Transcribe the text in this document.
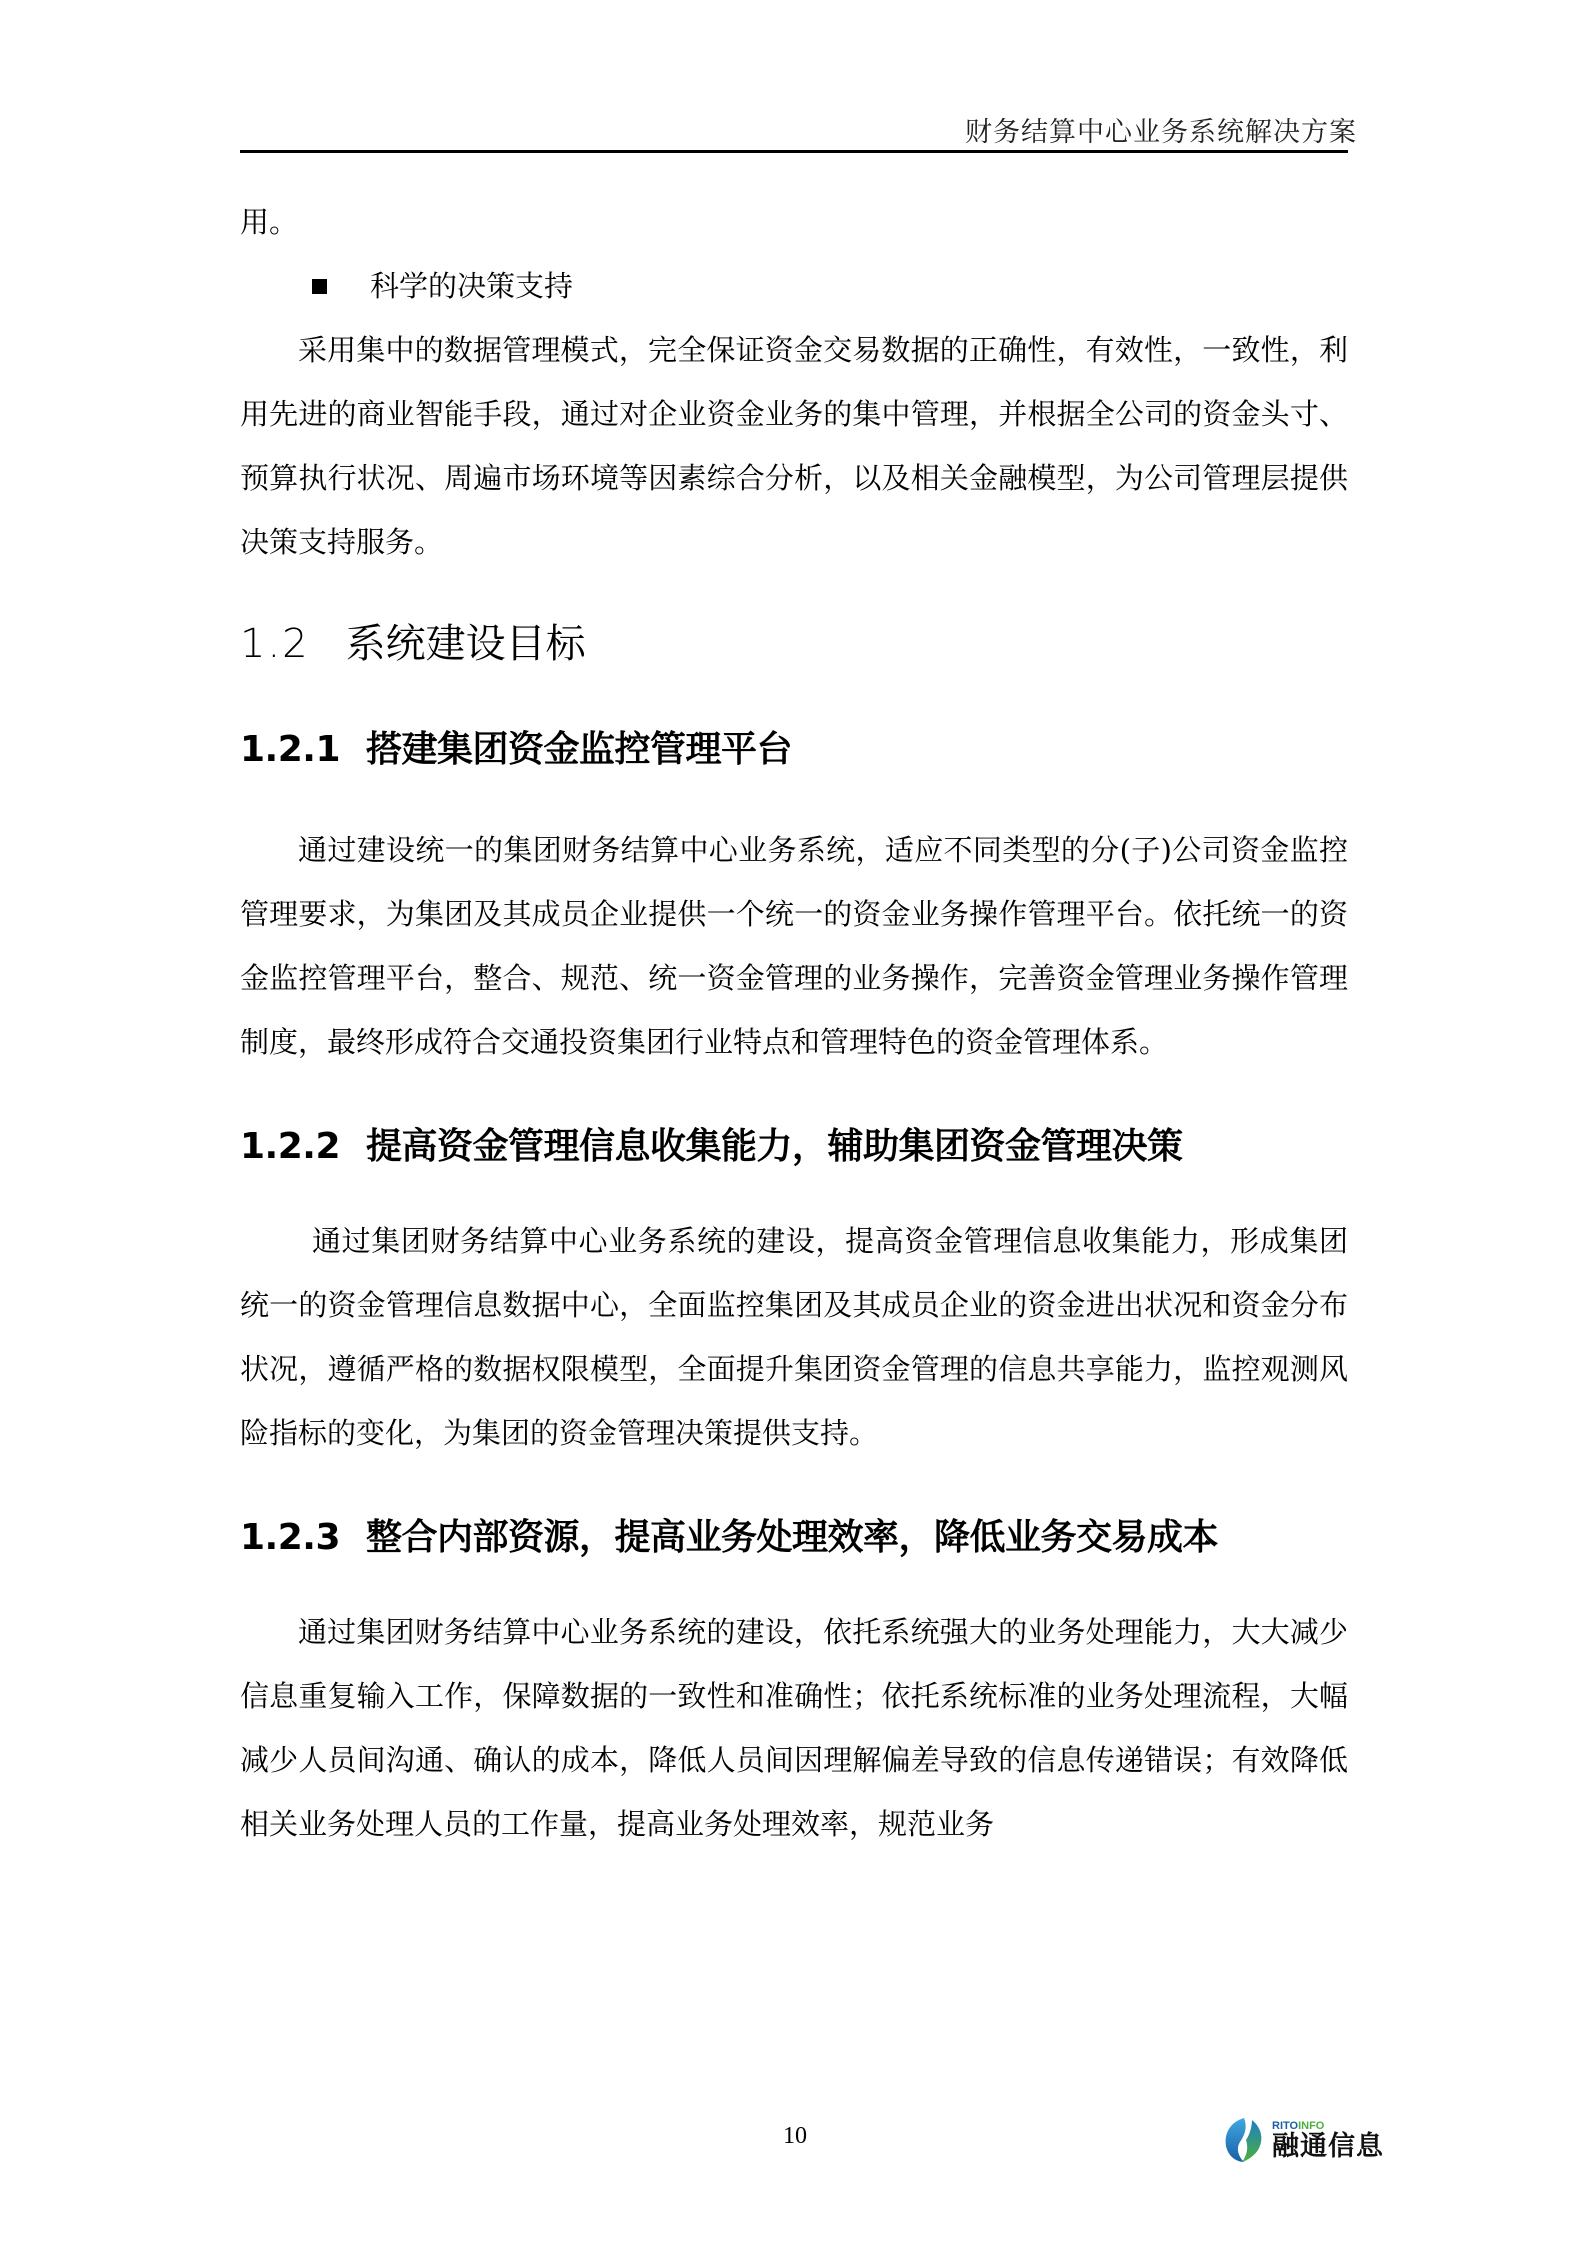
财务结算中心业务系统解决方案

用。

科学的决策支持

采用集中的数据管理模式，完全保证资金交易数据的正确性，有效性，一致性，利用先进的商业智能手段，通过对企业资金业务的集中管理，并根据全公司的资金头寸、预算执行状况、周遍市场环境等因素综合分析，以及相关金融模型，为公司管理层提供决策支持服务。

1.2 系统建设目标
1.2.1 搭建集团资金监控管理平台

通过建设统一的集团财务结算中心业务系统，适应不同类型的分(子)公司资金监控管理要求，为集团及其成员企业提供一个统一的资金业务操作管理平台。依托统一的资金监控管理平台，整合、规范、统一资金管理的业务操作，完善资金管理业务操作管理制度，最终形成符合交通投资集团行业特点和管理特色的资金管理体系。

1.2.2 提高资金管理信息收集能力，辅助集团资金管理决策

通过集团财务结算中心业务系统的建设，提高资金管理信息收集能力，形成集团统一的资金管理信息数据中心，全面监控集团及其成员企业的资金进出状况和资金分布状况，遵循严格的数据权限模型，全面提升集团资金管理的信息共享能力，监控观测风险指标的变化，为集团的资金管理决策提供支持。

1.2.3 整合内部资源，提高业务处理效率，降低业务交易成本

通过集团财务结算中心业务系统的建设，依托系统强大的业务处理能力，大大减少信息重复输入工作，保障数据的一致性和准确性；依托系统标准的业务处理流程，大幅减少人员间沟通、确认的成本，降低人员间因理解偏差导致的信息传递错误；有效降低相关业务处理人员的工作量，提高业务处理效率，规范业务

10	RITOINFO
融通信息
